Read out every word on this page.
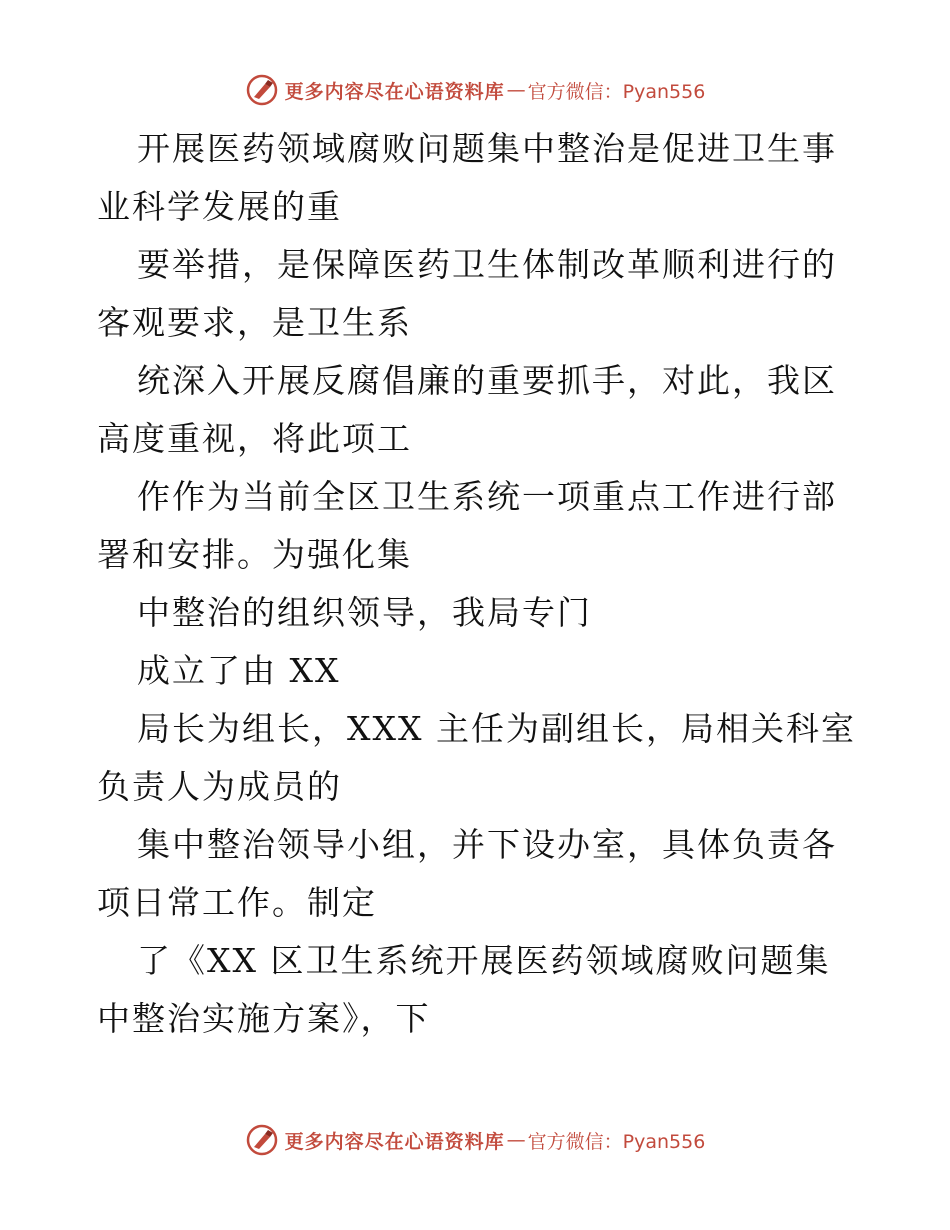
更多内容尽在心语资料库 — 官方微信：Pyan556

开展医药领域腐败问题集中整治是促进卫生事业科学发展的重

要举措，是保障医药卫生体制改革顺利进行的客观要求，是卫生系

统深入开展反腐倡廉的重要抓手，对此，我区高度重视，将此项工

作作为当前全区卫生系统一项重点工作进行部署和安排。为强化集

中整治的组织领导，我局专门

成立了由 XX

局长为组长，XXX 主任为副组长，局相关科室负责人为成员的

集中整治领导小组，并下设办室，具体负责各项日常工作。制定

了《XX 区卫生系统开展医药领域腐败问题集中整治实施方案》，下

更多内容尽在心语资料库 — 官方微信：Pyan556
